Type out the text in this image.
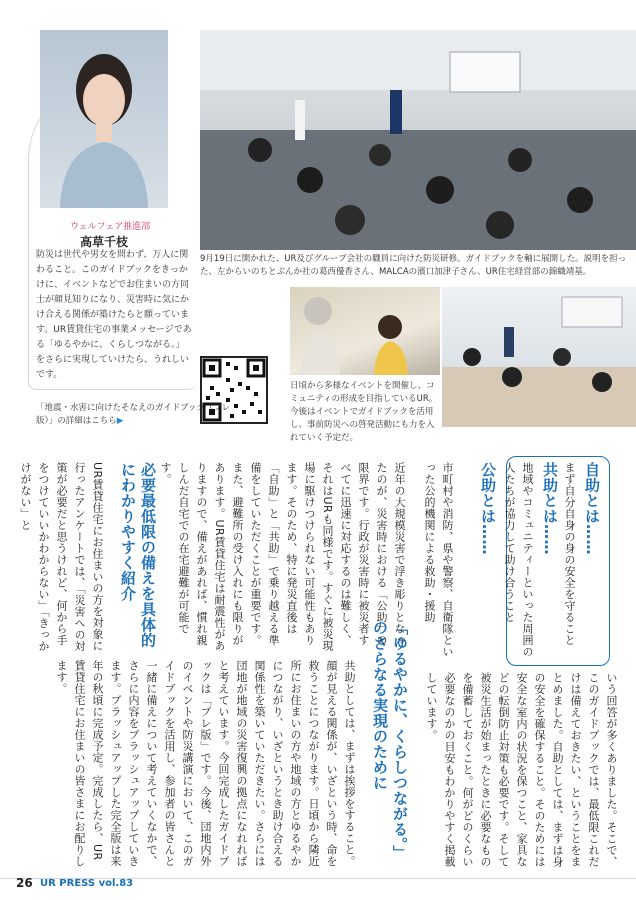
ウェルフェア推進部
高草千枝
防災は世代や男女を問わず、万人に関わること。このガイドブックをきっかけに、イベントなどでお住まいの方同士が顔見知りになり、災害時に気にかけ合える関係が築けたらと願っています。UR賃貸住宅の事業メッセージである「ゆるやかに、くらしつながる。」をさらに実現していけたら、うれしいです。
「地震・水害に向けたそなえのガイドブック（プレ版）」の詳細はこちら▶
9月19日に開かれた、UR及びグループ会社の職員に向けた防災研修。ガイドブックを軸に展開した。説明を担った、左からいのちとぶんか社の葛西優香さん、MALCAの濱口加津子さん、UR住宅経営部の錦織靖基。
日頃から多様なイベントを開催し、コミュニティの形成を目指しているUR。今後はイベントでガイドブックを活用し、事前防災への啓発活動にも力を入れていく予定だ。
自助とは……
まず自分自身の身の安全を守ること
共助とは……
地域やコミュニティーといった周囲の人たちが協力して助け合うこと
公助とは……
市町村や消防、県や警察、自衛隊といった公的機関による救助・援助
いう回答が多くありました。そこで、このガイドブックでは、最低限これだけは備えておきたい、ということをまとめました。自助としては、まずは身の安全を確保すること。そのためには安全な室内の状況を保つこと、家具などの転倒防止対策も必要です。そして被災生活が始まったときに必要なものを備蓄しておくこと。何がどのくらい必要なのかの目安もわかりやすく掲載しています。
「ゆるやかに、くらしつながる。」のさらなる実現のために
共助としては、まずは挨拶をすること。顔が見える関係が、いざという時、命を救うことにつながります。日頃から隣近所にお住まいの方や地域の方とゆるやかにつながり、いざというとき助け合える関係性を築いていただきたい。さらには団地が地域の災害復興の拠点になれればと考えています。今回完成したガイドブックは「プレ版」です。今後、団地内外のイベントや防災講演において、このガイドブックを活用し、参加者の皆さんと一緒に備えについて考えていくなかで、さらに内容をブラッシュアップしていきます。ブラッシュアップした完全版は来年の秋頃に完成予定。完成したら、UR賃貸住宅にお住まいの皆さまにお配りします。
近年の大規模災害で浮き彫りとなったのが、災害時における「公助」の限界です。行政が災害時に被災者すべてに迅速に対応するのは難しく、それはURも同様です。すぐに被災現場に駆けつけられない可能性もあります。そのため、特に発災直後は「自助」と「共助」で乗り越える準備をしていただくことが重要です。また、避難所の受け入れにも限りがあります。UR賃貸住宅は耐震性がありますので、備えがあれば、慣れ親しんだ自宅での在宅避難が可能です。
必要最低限の備えを具体的にわかりやすく紹介
UR賃貸住宅にお住まいの方を対象に行ったアンケートでは、「災害への対策が必要だと思うけれど、何から手をつけていいかわからない」「きっかけがない」と
26 UR PRESS vol.83
